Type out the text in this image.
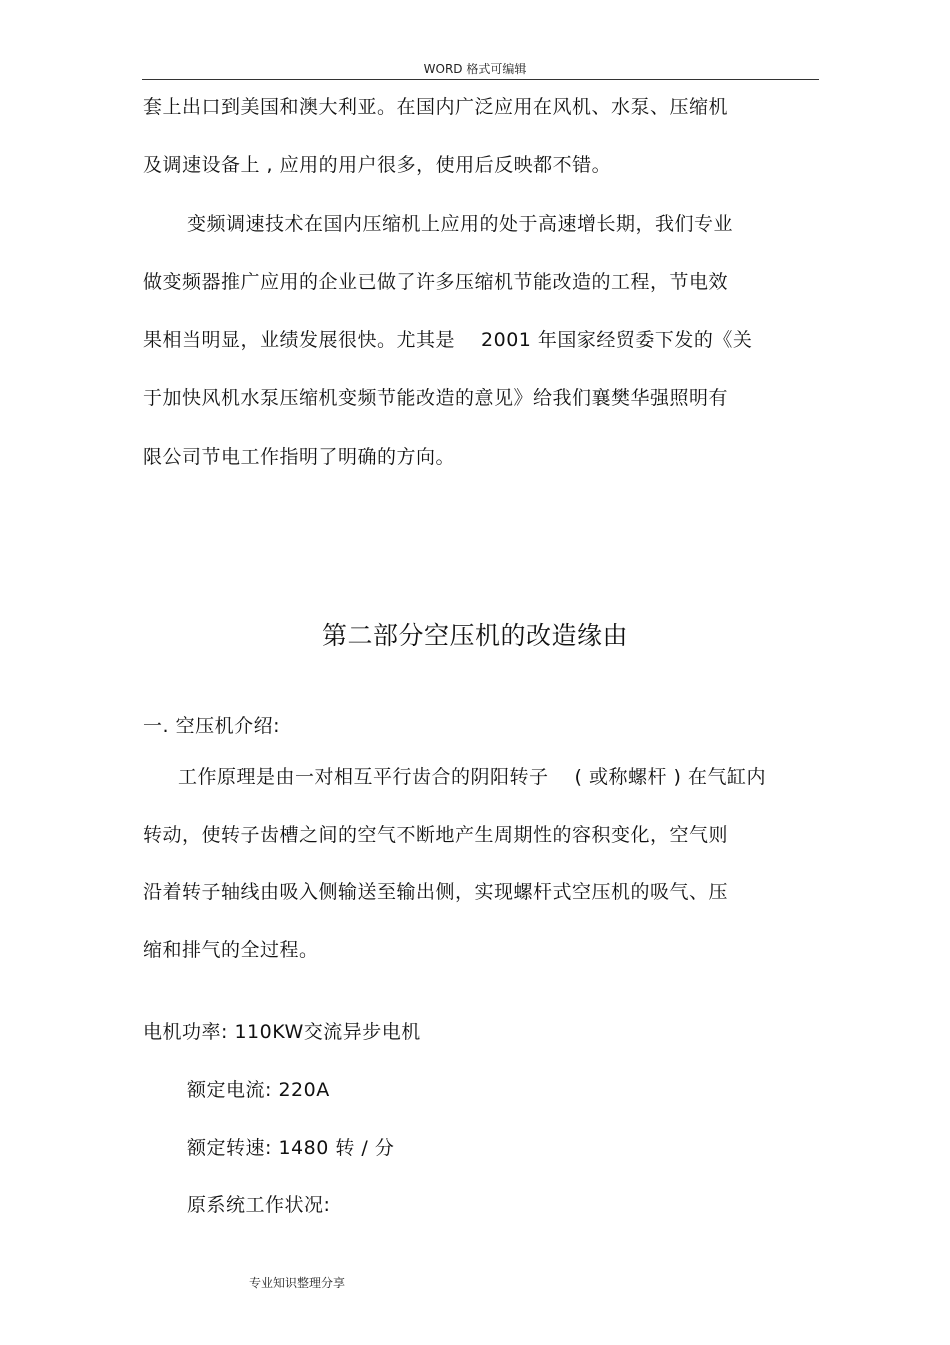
WORD 格式可编辑
套上出口到美国和澳大利亚。在国内广泛应用在风机、水泵、压缩机
及调速设备上 , 应用的用户很多，使用后反映都不错。
变频调速技术在国内压缩机上应用的处于高速增长期，我们专业
做变频器推广应用的企业已做了许多压缩机节能改造的工程，节电效
果相当明显，业绩发展很快。尤其是　 2001 年国家经贸委下发的《关
于加快风机水泵压缩机变频节能改造的意见》给我们襄樊华强照明有
限公司节电工作指明了明确的方向。
第二部分空压机的改造缘由
一. 空压机介绍:
工作原理是由一对相互平行齿合的阴阳转子　 ( 或称螺杆 ) 在气缸内
转动，使转子齿槽之间的空气不断地产生周期性的容积变化，空气则
沿着转子轴线由吸入侧输送至输出侧，实现螺杆式空压机的吸气、压
缩和排气的全过程。
电机功率: 110KW交流异步电机
额定电流: 220A
额定转速: 1480 转 / 分
原系统工作状况:
专业知识整理分享
